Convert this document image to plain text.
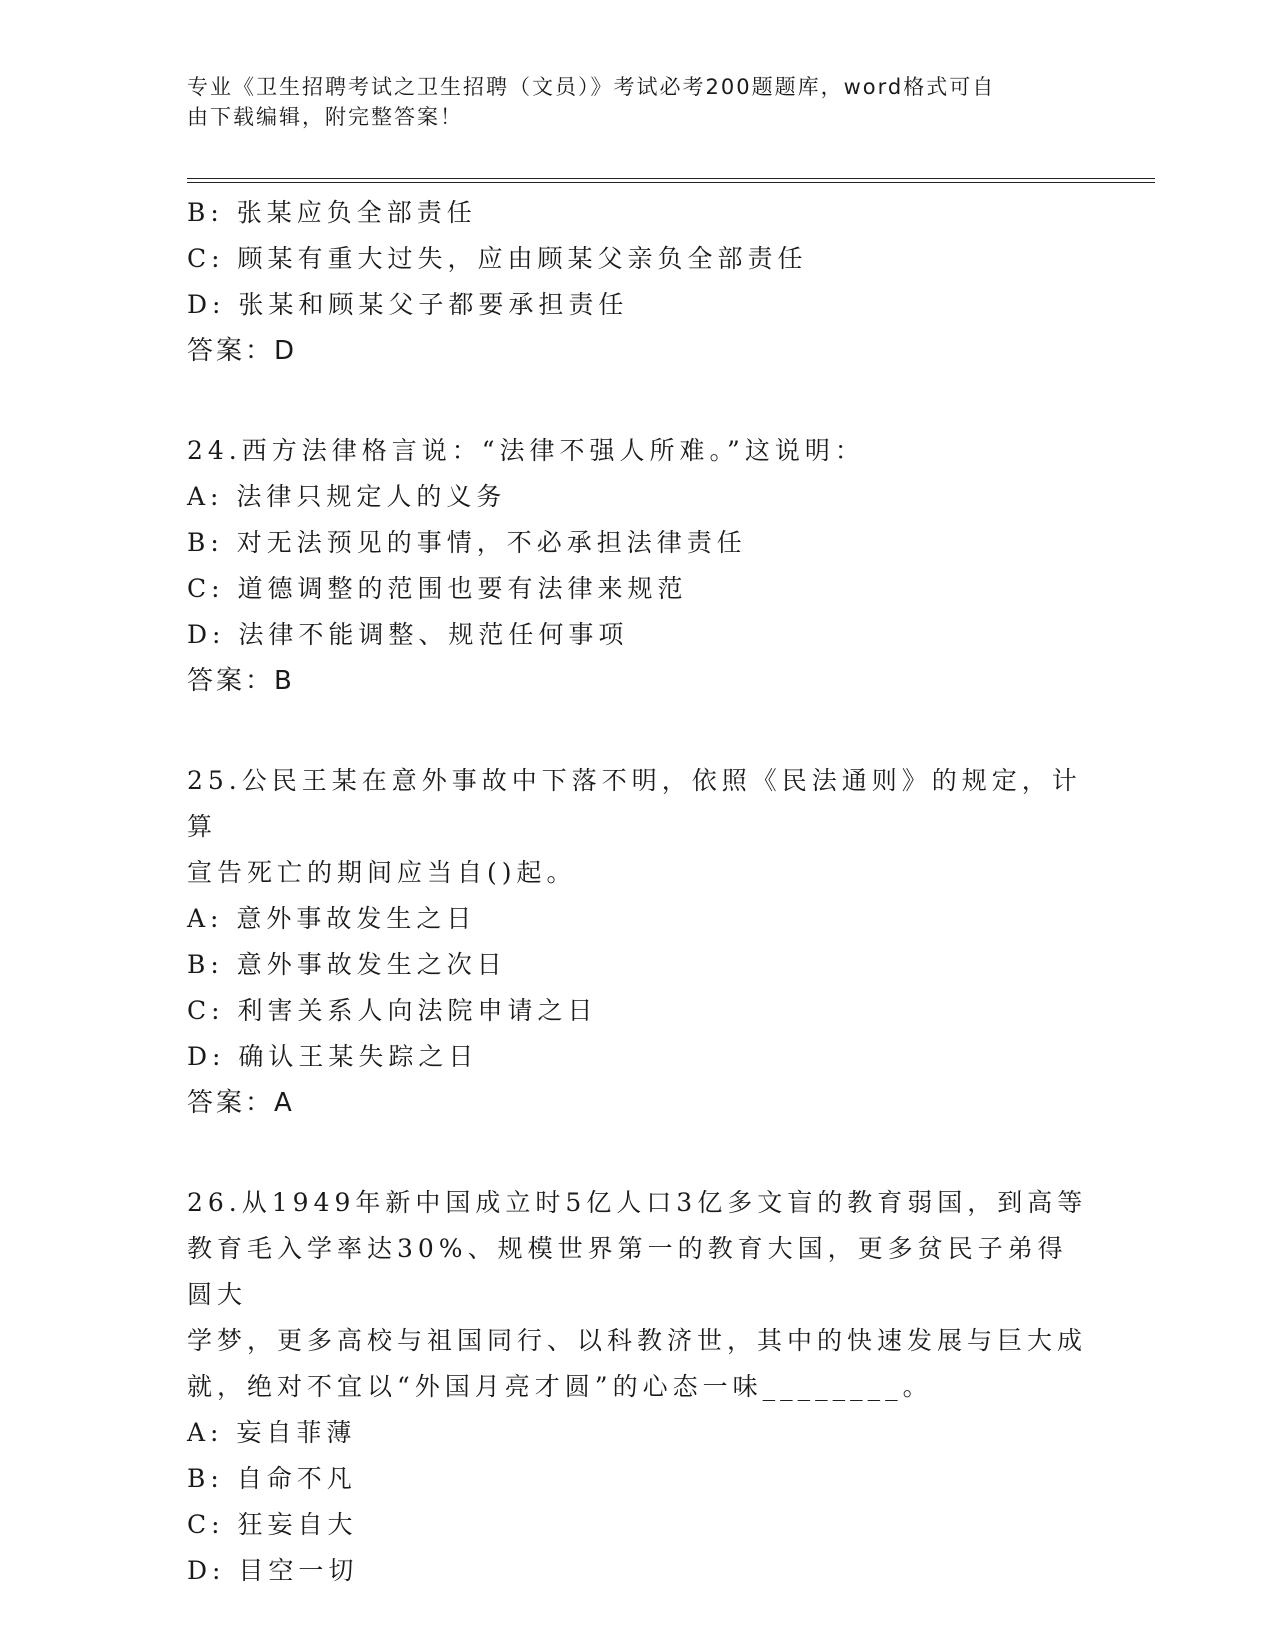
专业《卫生招聘考试之卫生招聘（文员）》考试必考200题题库，word格式可自
由下载编辑，附完整答案！
B: 张某应负全部责任
C: 顾某有重大过失，应由顾某父亲负全部责任
D: 张某和顾某父子都要承担责任
答案：D
24.西方法律格言说：“法律不强人所难。”这说明：
A: 法律只规定人的义务
B: 对无法预见的事情，不必承担法律责任
C: 道德调整的范围也要有法律来规范
D: 法律不能调整、规范任何事项
答案：B
25.公民王某在意外事故中下落不明，依照《民法通则》的规定，计算
宣告死亡的期间应当自()起。
A: 意外事故发生之日
B: 意外事故发生之次日
C: 利害关系人向法院申请之日
D: 确认王某失踪之日
答案：A
26.从1949年新中国成立时5亿人口3亿多文盲的教育弱国，到高等
教育毛入学率达30%、规模世界第一的教育大国，更多贫民子弟得圆大
学梦，更多高校与祖国同行、以科教济世，其中的快速发展与巨大成
就，绝对不宜以“外国月亮才圆”的心态一味________。
A: 妄自菲薄
B: 自命不凡
C: 狂妄自大
D: 目空一切
